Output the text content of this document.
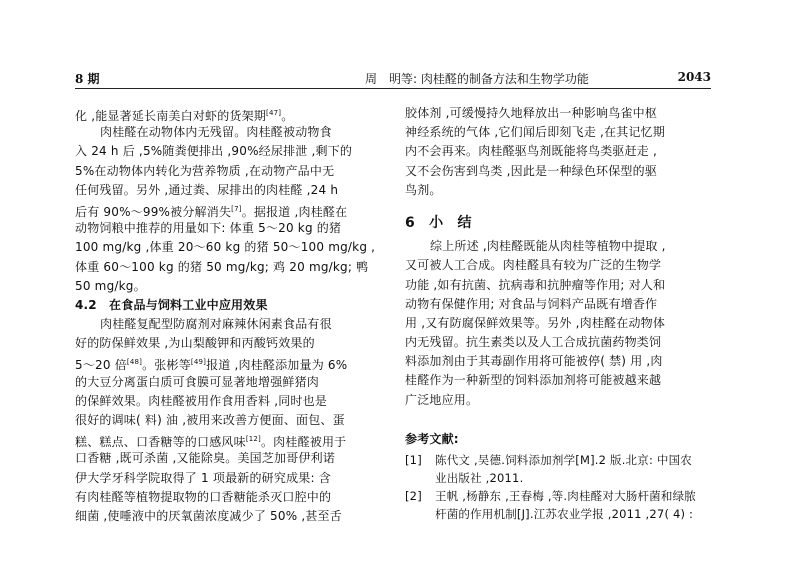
8 期	周　明等: 肉桂醛的制备方法和生物学功能	2043
化 ,能显著延长南美白对虾的货架期[47]。
肉桂醛在动物体内无残留。肉桂醛被动物食
入 24 h 后 ,5%随粪便排出 ,90%经尿排泄 ,剩下的
5%在动物体内转化为营养物质 ,在动物产品中无
任何残留。另外 ,通过粪、尿排出的肉桂醛 ,24 h
后有 90%～99%被分解消失[7]。据报道 ,肉桂醛在
动物饲粮中推荐的用量如下: 体重 5～20 kg 的猪
100 mg/kg ,体重 20～60 kg 的猪 50～100 mg/kg ,
体重 60～100 kg 的猪 50 mg/kg; 鸡 20 mg/kg; 鸭
50 mg/kg。
4.2　在食品与饲料工业中应用效果
肉桂醛复配型防腐剂对麻辣休闲素食品有很
好的防保鲜效果 ,为山梨酸钾和丙酸钙效果的
5～20 倍[48]。张彬等[49]报道 ,肉桂醛添加量为 6%
的大豆分离蛋白质可食膜可显著地增强鲜猪肉
的保鲜效果。肉桂醛被用作食用香料 ,同时也是
很好的调味( 料) 油 ,被用来改善方便面、面包、蛋
糕、糕点、口香糖等的口感风味[12]。肉桂醛被用于
口香糖 ,既可杀菌 ,又能除臭。美国芝加哥伊利诺
伊大学牙科学院取得了 1 项最新的研究成果: 含
有肉桂醛等植物提取物的口香糖能杀灭口腔中的
细菌 ,使唾液中的厌氧菌浓度减少了 50% ,甚至舌
胶体剂 ,可缓慢持久地释放出一种影响鸟雀中枢
神经系统的气体 ,它们闻后即刻飞走 ,在其记忆期
内不会再来。肉桂醛驱鸟剂既能将鸟类驱赶走 ,
又不会伤害到鸟类 ,因此是一种绿色环保型的驱
鸟剂。
6　小　结
综上所述 ,肉桂醛既能从肉桂等植物中提取 ,
又可被人工合成。肉桂醛具有较为广泛的生物学
功能 ,如有抗菌、抗病毒和抗肿瘤等作用; 对人和
动物有保健作用; 对食品与饲料产品既有增香作
用 ,又有防腐保鲜效果等。另外 ,肉桂醛在动物体
内无残留。抗生素类以及人工合成抗菌药物类饲
料添加剂由于其毒副作用将可能被停( 禁) 用 ,肉
桂醛作为一种新型的饲料添加剂将可能被越来越
广泛地应用。
参考文献:
[1]	陈代文 ,吴德.饲料添加剂学[M].2 版.北京: 中国农
业出版社 ,2011.
[2]	王帆 ,杨静东 ,王春梅 ,等.肉桂醛对大肠杆菌和绿脓
杆菌的作用机制[J].江苏农业学报 ,2011 ,27( 4) :
